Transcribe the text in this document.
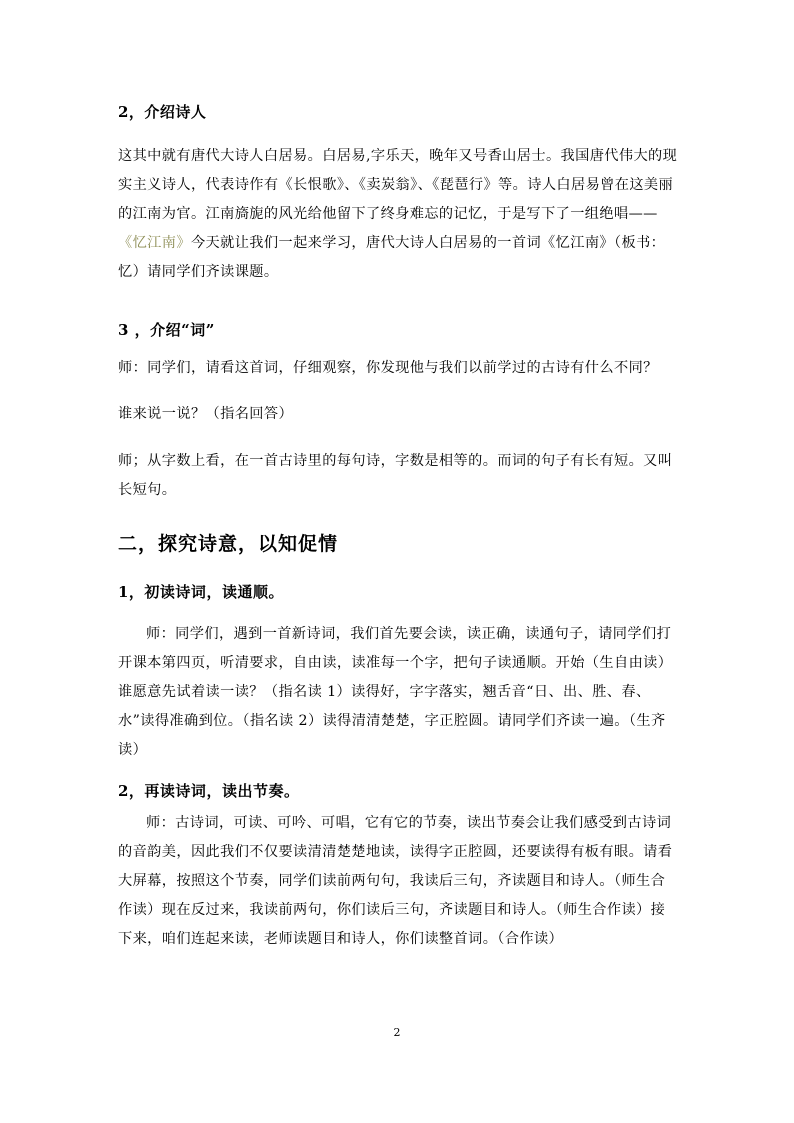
2，介绍诗人
这其中就有唐代大诗人白居易。白居易,字乐天，晚年又号香山居士。我国唐代伟大的现实主义诗人，代表诗作有《长恨歌》、《卖炭翁》、《琵琶行》等。诗人白居易曾在这美丽的江南为官。江南旖旎的风光给他留下了终身难忘的记忆，于是写下了一组绝唱——《忆江南》今天就让我们一起来学习，唐代大诗人白居易的一首词《忆江南》（板书：忆）请同学们齐读课题。
3 ，介绍“词”
师：同学们，请看这首词，仔细观察，你发现他与我们以前学过的古诗有什么不同？
谁来说一说？（指名回答）
师；从字数上看，在一首古诗里的每句诗，字数是相等的。而词的句子有长有短。又叫长短句。
二，探究诗意，以知促情
1，初读诗词，读通顺。
师：同学们，遇到一首新诗词，我们首先要会读，读正确，读通句子，请同学们打开课本第四页，听清要求，自由读，读准每一个字，把句子读通顺。开始（生自由读）谁愿意先试着读一读？（指名读 1）读得好，字字落实，翘舌音“日、出、胜、春、水”读得准确到位。（指名读 2）读得清清楚楚，字正腔圆。请同学们齐读一遍。（生齐读）
2，再读诗词，读出节奏。
师：古诗词，可读、可吟、可唱，它有它的节奏，读出节奏会让我们感受到古诗词的音韵美，因此我们不仅要读清清楚楚地读，读得字正腔圆，还要读得有板有眼。请看大屏幕，按照这个节奏，同学们读前两句句，我读后三句，齐读题目和诗人。（师生合作读）现在反过来，我读前两句，你们读后三句，齐读题目和诗人。（师生合作读）接下来，咱们连起来读，老师读题目和诗人，你们读整首词。（合作读）
2
